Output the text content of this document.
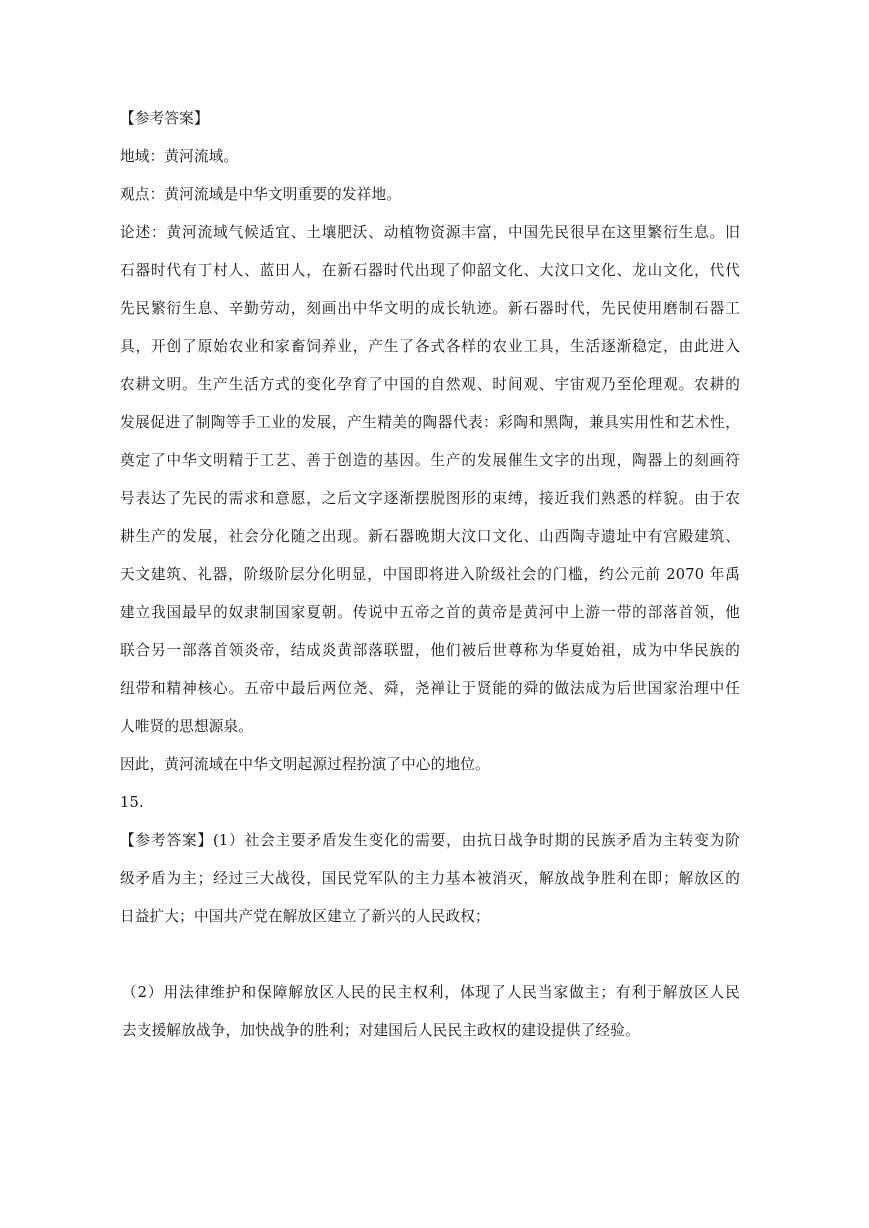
【参考答案】
地域：黄河流域。
观点：黄河流域是中华文明重要的发祥地。
论述：黄河流域气候适宜、土壤肥沃、动植物资源丰富，中国先民很早在这里繁衍生息。旧
石器时代有丁村人、蓝田人，在新石器时代出现了仰韶文化、大汶口文化、龙山文化，代代
先民繁衍生息、辛勤劳动，刻画出中华文明的成长轨迹。新石器时代，先民使用磨制石器工
具，开创了原始农业和家畜饲养业，产生了各式各样的农业工具，生活逐渐稳定，由此进入
农耕文明。生产生活方式的变化孕育了中国的自然观、时间观、宇宙观乃至伦理观。农耕的
发展促进了制陶等手工业的发展，产生精美的陶器代表：彩陶和黑陶，兼具实用性和艺术性，
奠定了中华文明精于工艺、善于创造的基因。生产的发展催生文字的出现，陶器上的刻画符
号表达了先民的需求和意愿，之后文字逐渐摆脱图形的束缚，接近我们熟悉的样貌。由于农
耕生产的发展，社会分化随之出现。新石器晚期大汶口文化、山西陶寺遗址中有宫殿建筑、
天文建筑、礼器，阶级阶层分化明显，中国即将进入阶级社会的门槛，约公元前 2070 年禹
建立我国最早的奴隶制国家夏朝。传说中五帝之首的黄帝是黄河中上游一带的部落首领，他
联合另一部落首领炎帝，结成炎黄部落联盟，他们被后世尊称为华夏始祖，成为中华民族的
纽带和精神核心。五帝中最后两位尧、舜，尧禅让于贤能的舜的做法成为后世国家治理中任
人唯贤的思想源泉。
因此，黄河流域在中华文明起源过程扮演了中心的地位。
15.
【参考答案】(1）社会主要矛盾发生变化的需要，由抗日战争时期的民族矛盾为主转变为阶
级矛盾为主；经过三大战役，国民党军队的主力基本被消灭，解放战争胜利在即；解放区的
日益扩大；中国共产党在解放区建立了新兴的人民政权；
（2）用法律维护和保障解放区人民的民主权利，体现了人民当家做主；有利于解放区人民
去支援解放战争，加快战争的胜利；对建国后人民民主政权的建设提供了经验。
